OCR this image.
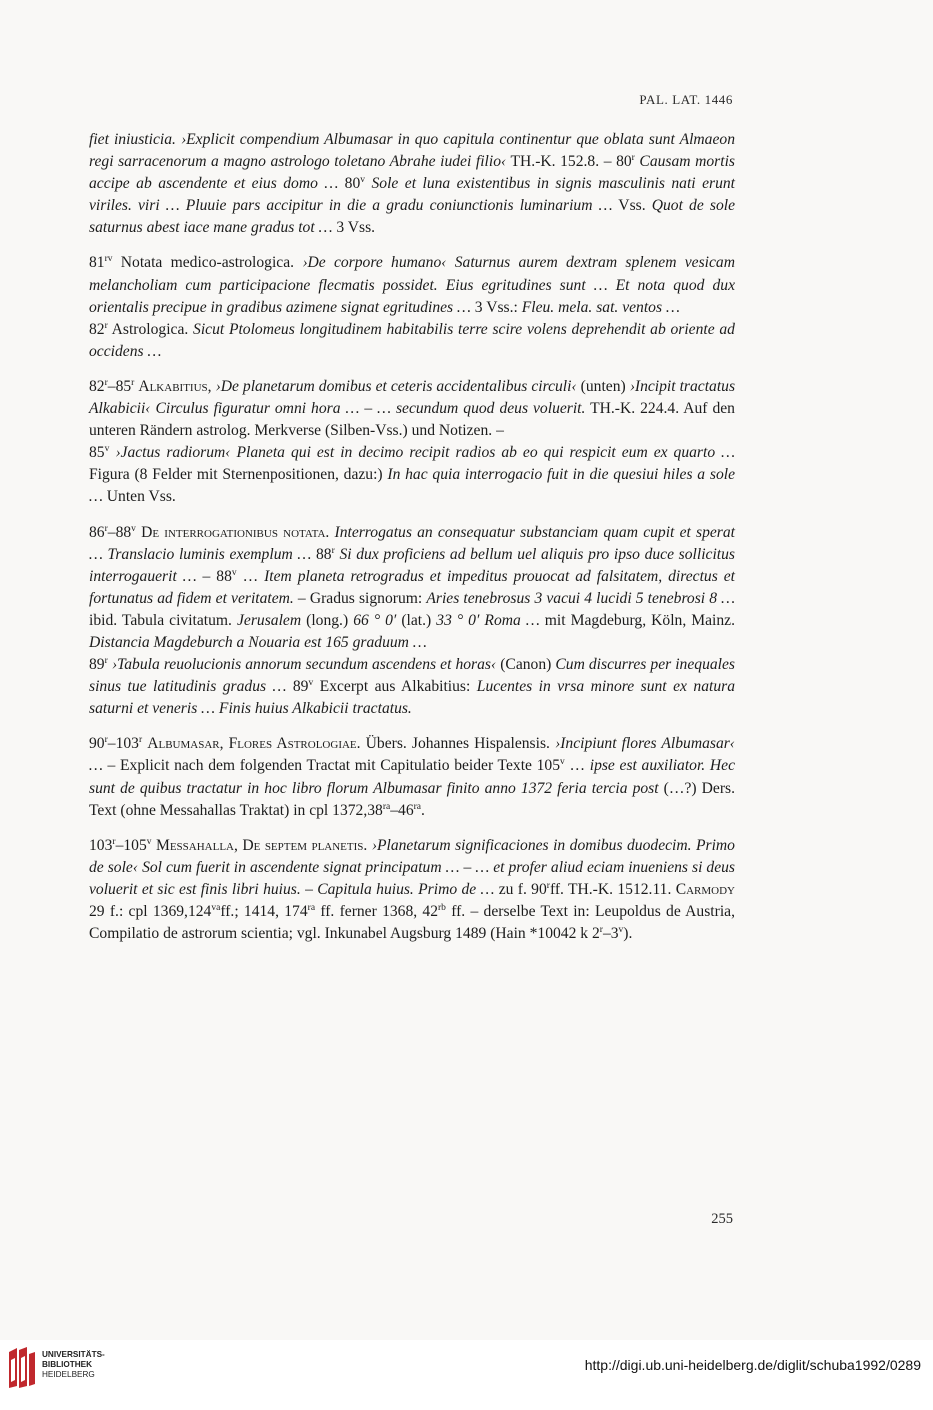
PAL. LAT. 1446

fiet iniusticia. ›Explicit compendium Albumasar in quo capitula continentur que oblata sunt Almaeon regi sarracenorum a magno astrologo toletano Abrahe iudei filio‹ TH.-K. 152.8. – 80$^r$ Causam mortis accipe ab ascendente et eius domo … 80$^v$ Sole et luna existentibus in signis masculinis nati erunt viriles. viri … Pluuie pars accipitur in die a gradu coniunctionis luminarium … Vss. Quot de sole saturnus abest iace mane gradus tot … 3 Vss.

$81^{rv}$ Notata medico-astrologica. ›De corpore humano‹ Saturnus aurem dextram splenem vesicam melancholiam cum participacione flecmatis possidet. Eius egritudines sunt … Et nota quod dux orientalis precipue in gradibus azimene signat egritudines … 3 Vss.: Fleu. mela. sat. ventos …

82$^r$ Astrologica. Sicut Ptolomeus longitudinem habitabilis terre scire volens deprehendit ab oriente ad occidens …

82$^r$–85$^r$ Alkabitius, ›De planetarum domibus et ceteris accidentalibus circuli‹ (unten) ›Incipit tractatus Alkabicii‹ Circulus figuratur omni hora … – … secundum quod deus voluerit. TH.-K. 224.4. Auf den unteren Rändern astrolog. Merkverse (Silben-Vss.) und Notizen. –

85$^v$ ›Jactus radiorum‹ Planeta qui est in decimo recipit radios ab eo qui respicit eum ex quarto … Figura (8 Felder mit Sternenpositionen, dazu:) In hac quia interrogacio fuit in die quesiui hiles a sole … Unten Vss.

86$^r$–88$^v$ De interrogationibus notata. Interrogatus an consequatur substanciam quam cupit et sperat … Translacio luminis exemplum … 88$^r$ Si dux proficiens ad bellum uel aliquis pro ipso duce sollicitus interrogauerit … – 88$^v$ … Item planeta retrogradus et impeditus prouocat ad falsitatem, directus et fortunatus ad fidem et veritatem. – Gradus signorum: Aries tenebrosus 3 vacui 4 lucidi 5 tenebrosi 8 … ibid. Tabula civitatum. Jerusalem (long.) 66 ° 0′ (lat.) 33 ° 0′ Roma … mit Magdeburg, Köln, Mainz. Distancia Magdeburch a Nouaria est 165 graduum …

89$^r$ ›Tabula reuolucionis annorum secundum ascendens et horas‹ (Canon) Cum discurres per inequales sinus tue latitudinis gradus … 89$^v$ Excerpt aus Alkabitius: Lucentes in vrsa minore sunt ex natura saturni et veneris … Finis huius Alkabicii tractatus.

90$^r$–103$^r$ Albumasar, Flores Astrologiae. Übers. Johannes Hispalensis. ›Incipiunt flores Albumasar‹ … – Explicit nach dem folgenden Tractat mit Capitulatio beider Texte 105$^v$ … ipse est auxiliator. Hec sunt de quibus tractatur in hoc libro florum Albumasar finito anno 1372 feria tercia post (…?) Ders. Text (ohne Messahallas Traktat) in cpl $1372,38^{ra}-46^{ra}$.

103$^r$–105$^v$ Messahalla, De septem planetis. ›Planetarum significaciones in domibus duodecim. Primo de sole‹ Sol cum fuerit in ascendente signat principatum … – … et profer aliud eciam inueniens si deus voluerit et sic est finis libri huius. – Capitula huius. Primo de … zu f. 90$^r$ff. TH.-K. 1512.11. Carmody 29 f.: cpl $1369,124^{va}ff$.; 1414, $174^{ra}$ ff. ferner 1368, $42^{rb}$ ff. – derselbe Text in: Leupoldus de Austria, Compilatio de astrorum scientia; vgl. Inkunabel Augsburg 1489 (Hain *10042 k 2$^r$–3$^v$).

255
UNIVERSITÄTS-
BIBLIOTHEK
HEIDELBERG
http://digi.ub.uni-heidelberg.de/diglit/schuba1992/0289
